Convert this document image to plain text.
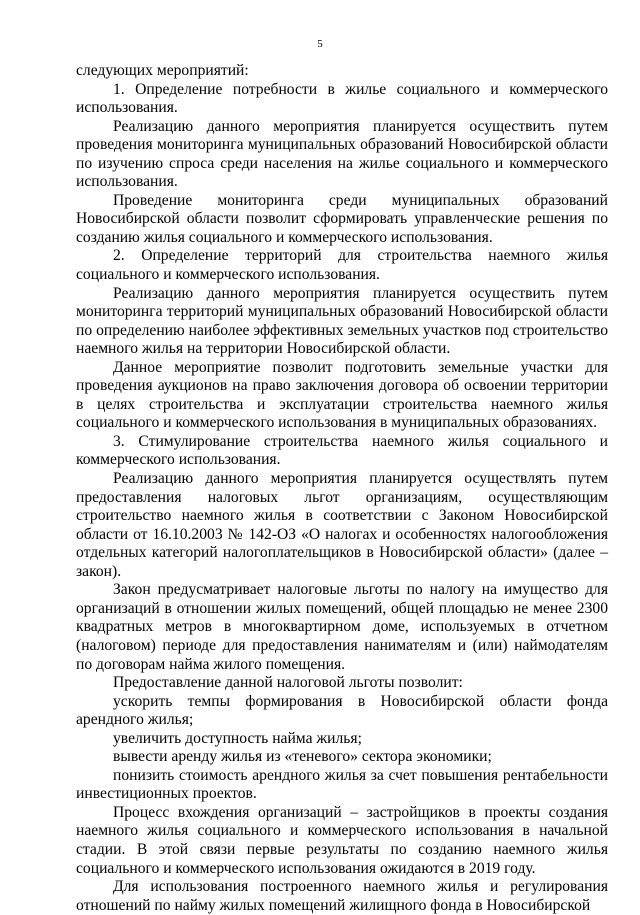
5

следующих мероприятий:

1. Определение потребности в жилье социального и коммерческого использования.

Реализацию данного мероприятия планируется осуществить путем проведения мониторинга муниципальных образований Новосибирской области по изучению спроса среди населения на жилье социального и коммерческого использования.

Проведение мониторинга среди муниципальных образований Новосибирской области позволит сформировать управленческие решения по созданию жилья социального и коммерческого использования.

2. Определение территорий для строительства наемного жилья социального и коммерческого использования.

Реализацию данного мероприятия планируется осуществить путем мониторинга территорий муниципальных образований Новосибирской области по определению наиболее эффективных земельных участков под строительство наемного жилья на территории Новосибирской области.

Данное мероприятие позволит подготовить земельные участки для проведения аукционов на право заключения договора об освоении территории в целях строительства и эксплуатации строительства наемного жилья социального и коммерческого использования в муниципальных образованиях.

3. Стимулирование строительства наемного жилья социального и коммерческого использования.

Реализацию данного мероприятия планируется осуществлять путем предоставления налоговых льгот организациям, осуществляющим строительство наемного жилья в соответствии с Законом Новосибирской области от 16.10.2003 № 142-ОЗ «О налогах и особенностях налогообложения отдельных категорий налогоплательщиков в Новосибирской области» (далее – закон).

Закон предусматривает налоговые льготы по налогу на имущество для организаций в отношении жилых помещений, общей площадью не менее 2300 квадратных метров в многоквартирном доме, используемых в отчетном (налоговом) периоде для предоставления нанимателям и (или) наймодателям по договорам найма жилого помещения.

Предоставление данной налоговой льготы позволит:

ускорить темпы формирования в Новосибирской области фонда арендного жилья;

увеличить доступность найма жилья;

вывести аренду жилья из «теневого» сектора экономики;

понизить стоимость арендного жилья за счет повышения рентабельности инвестиционных проектов.

Процесс вхождения организаций – застройщиков в проекты создания наемного жилья социального и коммерческого использования в начальной стадии. В этой связи первые результаты по созданию наемного жилья социального и коммерческого использования ожидаются в 2019 году.

Для использования построенного наемного жилья и регулирования отношений по найму жилых помещений жилищного фонда в Новосибирской
